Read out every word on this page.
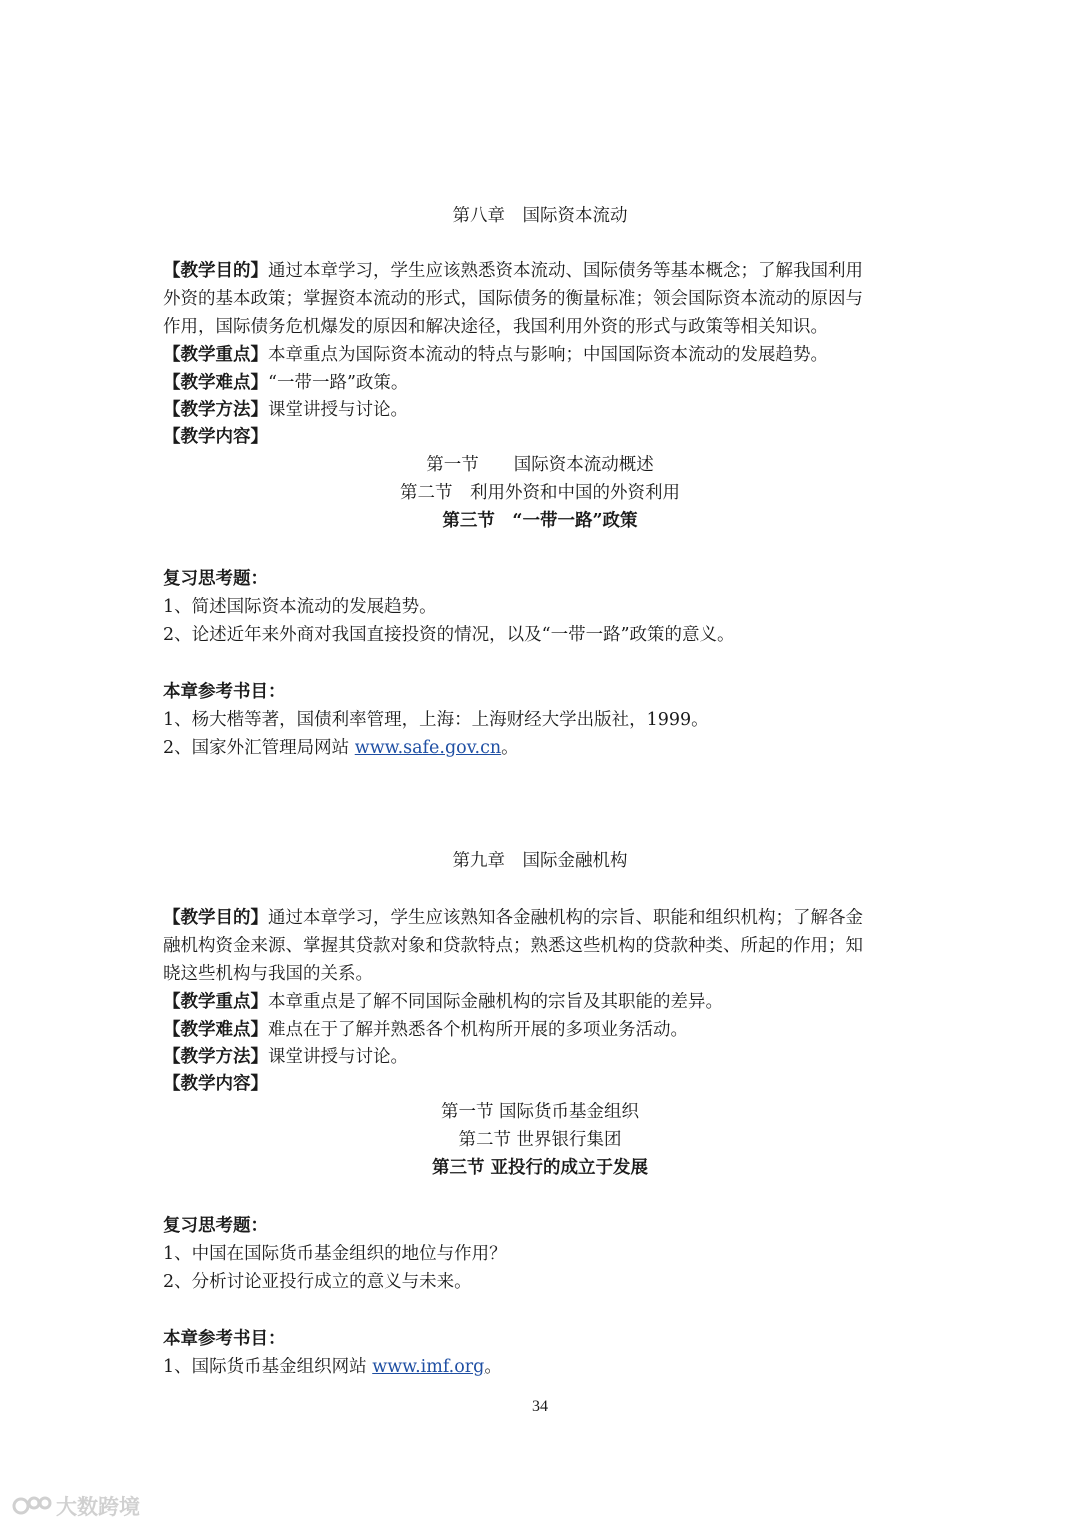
第八章　国际资本流动
【教学目的】通过本章学习，学生应该熟悉资本流动、国际债务等基本概念；了解我国利用
外资的基本政策；掌握资本流动的形式，国际债务的衡量标准；领会国际资本流动的原因与
作用，国际债务危机爆发的原因和解决途径，我国利用外资的形式与政策等相关知识。
【教学重点】本章重点为国际资本流动的特点与影响；中国国际资本流动的发展趋势。
【教学难点】“一带一路”政策。
【教学方法】课堂讲授与讨论。
【教学内容】
第一节　　国际资本流动概述
第二节　利用外资和中国的外资利用
第三节　“一带一路”政策
复习思考题：
1、简述国际资本流动的发展趋势。
2、论述近年来外商对我国直接投资的情况，以及“一带一路”政策的意义。
本章参考书目：
1、杨大楷等著，国债利率管理，上海：上海财经大学出版社，1999。
2、国家外汇管理局网站 www.safe.gov.cn。
第九章　国际金融机构
【教学目的】通过本章学习，学生应该熟知各金融机构的宗旨、职能和组织机构；了解各金
融机构资金来源、掌握其贷款对象和贷款特点；熟悉这些机构的贷款种类、所起的作用；知
晓这些机构与我国的关系。
【教学重点】本章重点是了解不同国际金融机构的宗旨及其职能的差异。
【教学难点】难点在于了解并熟悉各个机构所开展的多项业务活动。
【教学方法】课堂讲授与讨论。
【教学内容】
第一节 国际货币基金组织
第二节 世界银行集团
第三节 亚投行的成立于发展
复习思考题：
1、中国在国际货币基金组织的地位与作用？
2、分析讨论亚投行成立的意义与未来。
本章参考书目：
1、国际货币基金组织网站 www.imf.org。
34
大数跨境
